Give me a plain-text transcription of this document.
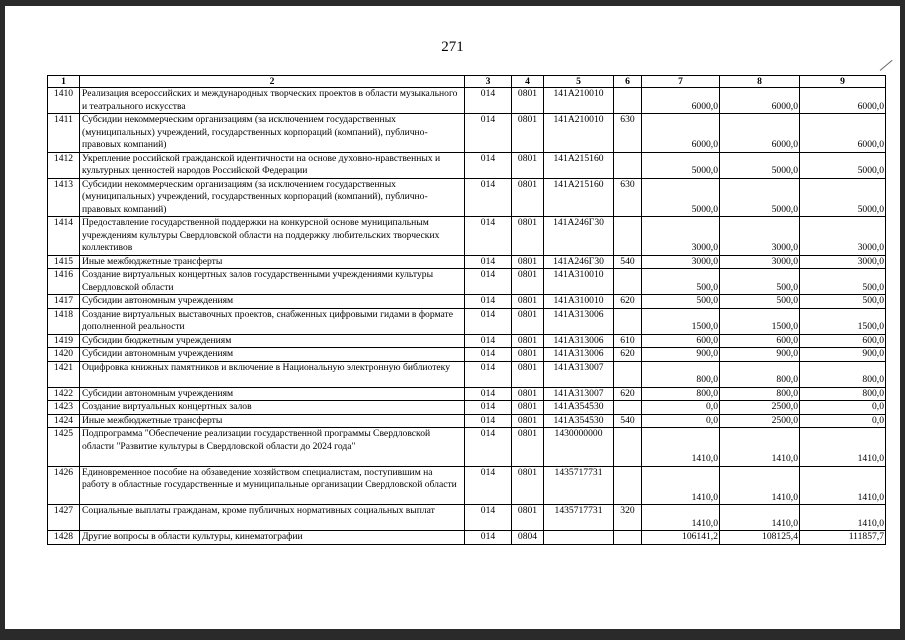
271
1	2	3	4	5	6	7	8	9
1410	Реализация всероссийских и международных творческих проектов в области музыкального и театрального искусства	014	0801	141А210010		6000,0	6000,0	6000,0
1411	Субсидии некоммерческим организациям (за исключением государственных (муниципальных) учреждений, государственных корпораций (компаний), публично-правовых компаний)	014	0801	141А210010	630	6000,0	6000,0	6000,0
1412	Укрепление российской гражданской идентичности на основе духовно-нравственных и культурных ценностей народов Российской Федерации	014	0801	141А215160		5000,0	5000,0	5000,0
1413	Субсидии некоммерческим организациям (за исключением государственных (муниципальных) учреждений, государственных корпораций (компаний), публично-правовых компаний)	014	0801	141А215160	630	5000,0	5000,0	5000,0
1414	Предоставление государственной поддержки на конкурсной основе муниципальным учреждениям культуры Свердловской области на поддержку любительских творческих коллективов	014	0801	141А246Г30		3000,0	3000,0	3000,0
1415	Иные межбюджетные трансферты	014	0801	141А246Г30	540	3000,0	3000,0	3000,0
1416	Создание виртуальных концертных залов государственными учреждениями культуры Свердловской области	014	0801	141А310010		500,0	500,0	500,0
1417	Субсидии автономным учреждениям	014	0801	141А310010	620	500,0	500,0	500,0
1418	Создание виртуальных выставочных проектов, снабженных цифровыми гидами в формате дополненной реальности	014	0801	141А313006		1500,0	1500,0	1500,0
1419	Субсидии бюджетным учреждениям	014	0801	141А313006	610	600,0	600,0	600,0
1420	Субсидии автономным учреждениям	014	0801	141А313006	620	900,0	900,0	900,0
1421	Оцифровка книжных памятников и включение в Национальную электронную библиотеку	014	0801	141А313007		800,0	800,0	800,0
1422	Субсидии автономным учреждениям	014	0801	141А313007	620	800,0	800,0	800,0
1423	Создание виртуальных концертных залов	014	0801	141А354530		0,0	2500,0	0,0
1424	Иные межбюджетные трансферты	014	0801	141А354530	540	0,0	2500,0	0,0
1425	Подпрограмма "Обеспечение реализации государственной программы Свердловской области "Развитие культуры в Свердловской области до 2024 года"	014	0801	1430000000		1410,0	1410,0	1410,0
1426	Единовременное пособие на обзаведение хозяйством специалистам, поступившим на работу в областные государственные и муниципальные организации Свердловской области	014	0801	1435717731		1410,0	1410,0	1410,0
1427	Социальные выплаты гражданам, кроме публичных нормативных социальных выплат	014	0801	1435717731	320	1410,0	1410,0	1410,0
1428	Другие вопросы в области культуры, кинематографии	014	0804			106141,2	108125,4	111857,7
